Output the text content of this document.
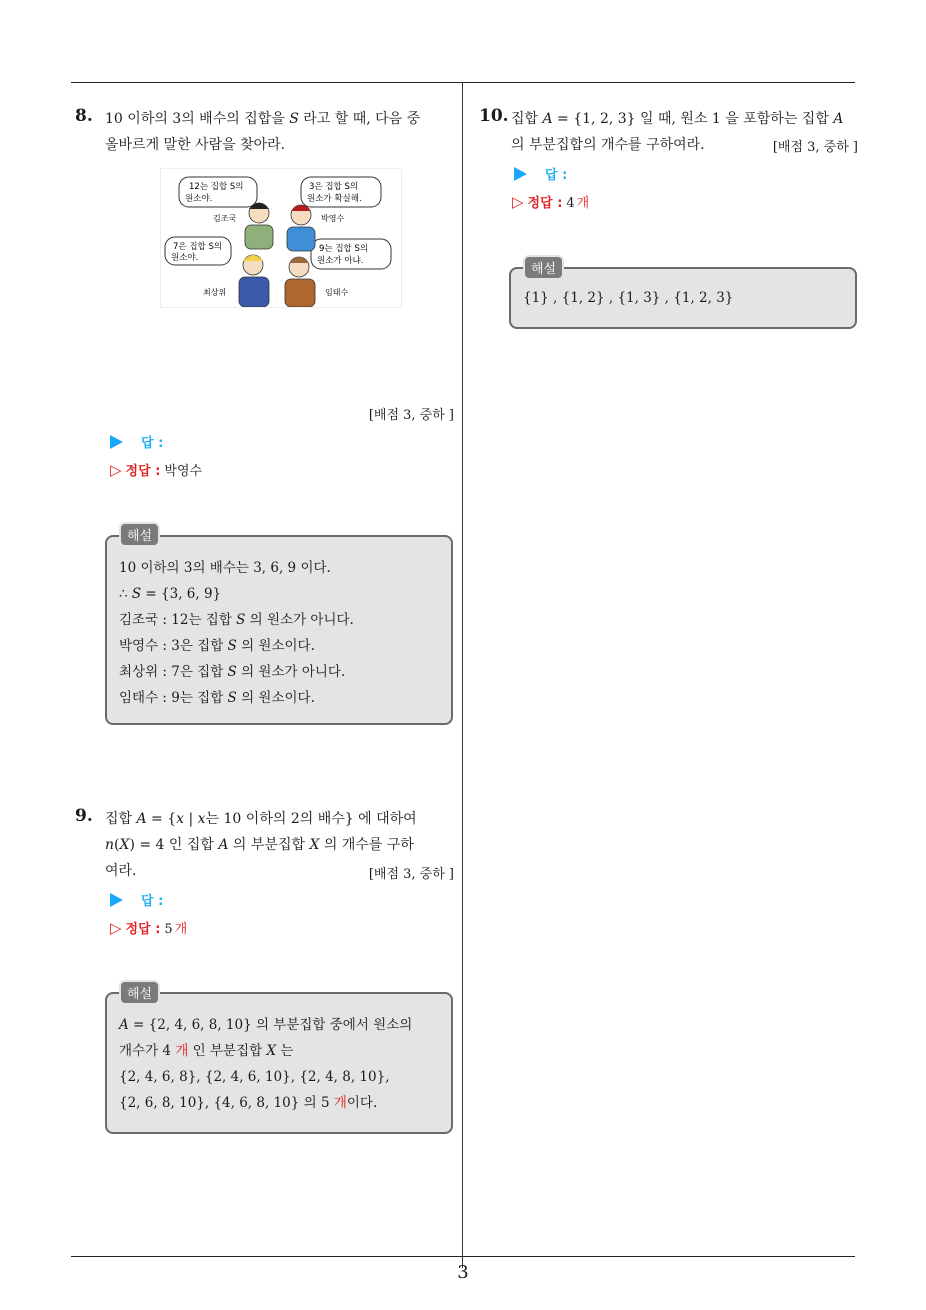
3
8. 10 이하의 3의 배수의 집합을 𝑆 라고 할 때, 다음 중
올바르게 말한 사람을 찾아라.
12는 집합 S의
원소야.
3은 집합 S의
원소가 확실해.
7은 집합 S의
원소야.
9는 집합 S의
원소가 아냐.
김조국	박영수
최상위	임태수
[배점 3, 중하 ]
답 :
▷ 정답 : 박영수
10 이하의 3의 배수는 3, 6, 9 이다.
∴ 𝑆 = {3, 6, 9}
김조국 : 12는 집합 𝑆 의 원소가 아니다.
박영수 : 3은 집합 𝑆 의 원소이다.
최상위 : 7은 집합 𝑆 의 원소가 아니다.
임태수 : 9는 집합 𝑆 의 원소이다.
해설
9. 집합 𝐴 = {𝑥 | 𝑥는 10 이하의 2의 배수} 에 대하여
𝑛(𝑋) = 4 인 집합 𝐴 의 부분집합 𝑋 의 개수를 구하
여라.	[배점 3, 중하 ]
답 :
▷ 정답 : 5 개
𝐴 = {2, 4, 6, 8, 10} 의 부분집합 중에서 원소의
개수가 4 개 인 부분집합 𝑋 는
{2, 4, 6, 8}, {2, 4, 6, 10}, {2, 4, 8, 10},
{2, 6, 8, 10}, {4, 6, 8, 10} 의 5 개이다.
해설
10. 집합 𝐴 = {1, 2, 3} 일 때, 원소 1 을 포함하는 집합 𝐴
의 부분집합의 개수를 구하여라.	[배점 3, 중하 ]
답 :
▷ 정답 : 4 개
{1} , {1, 2} , {1, 3} , {1, 2, 3}
해설
